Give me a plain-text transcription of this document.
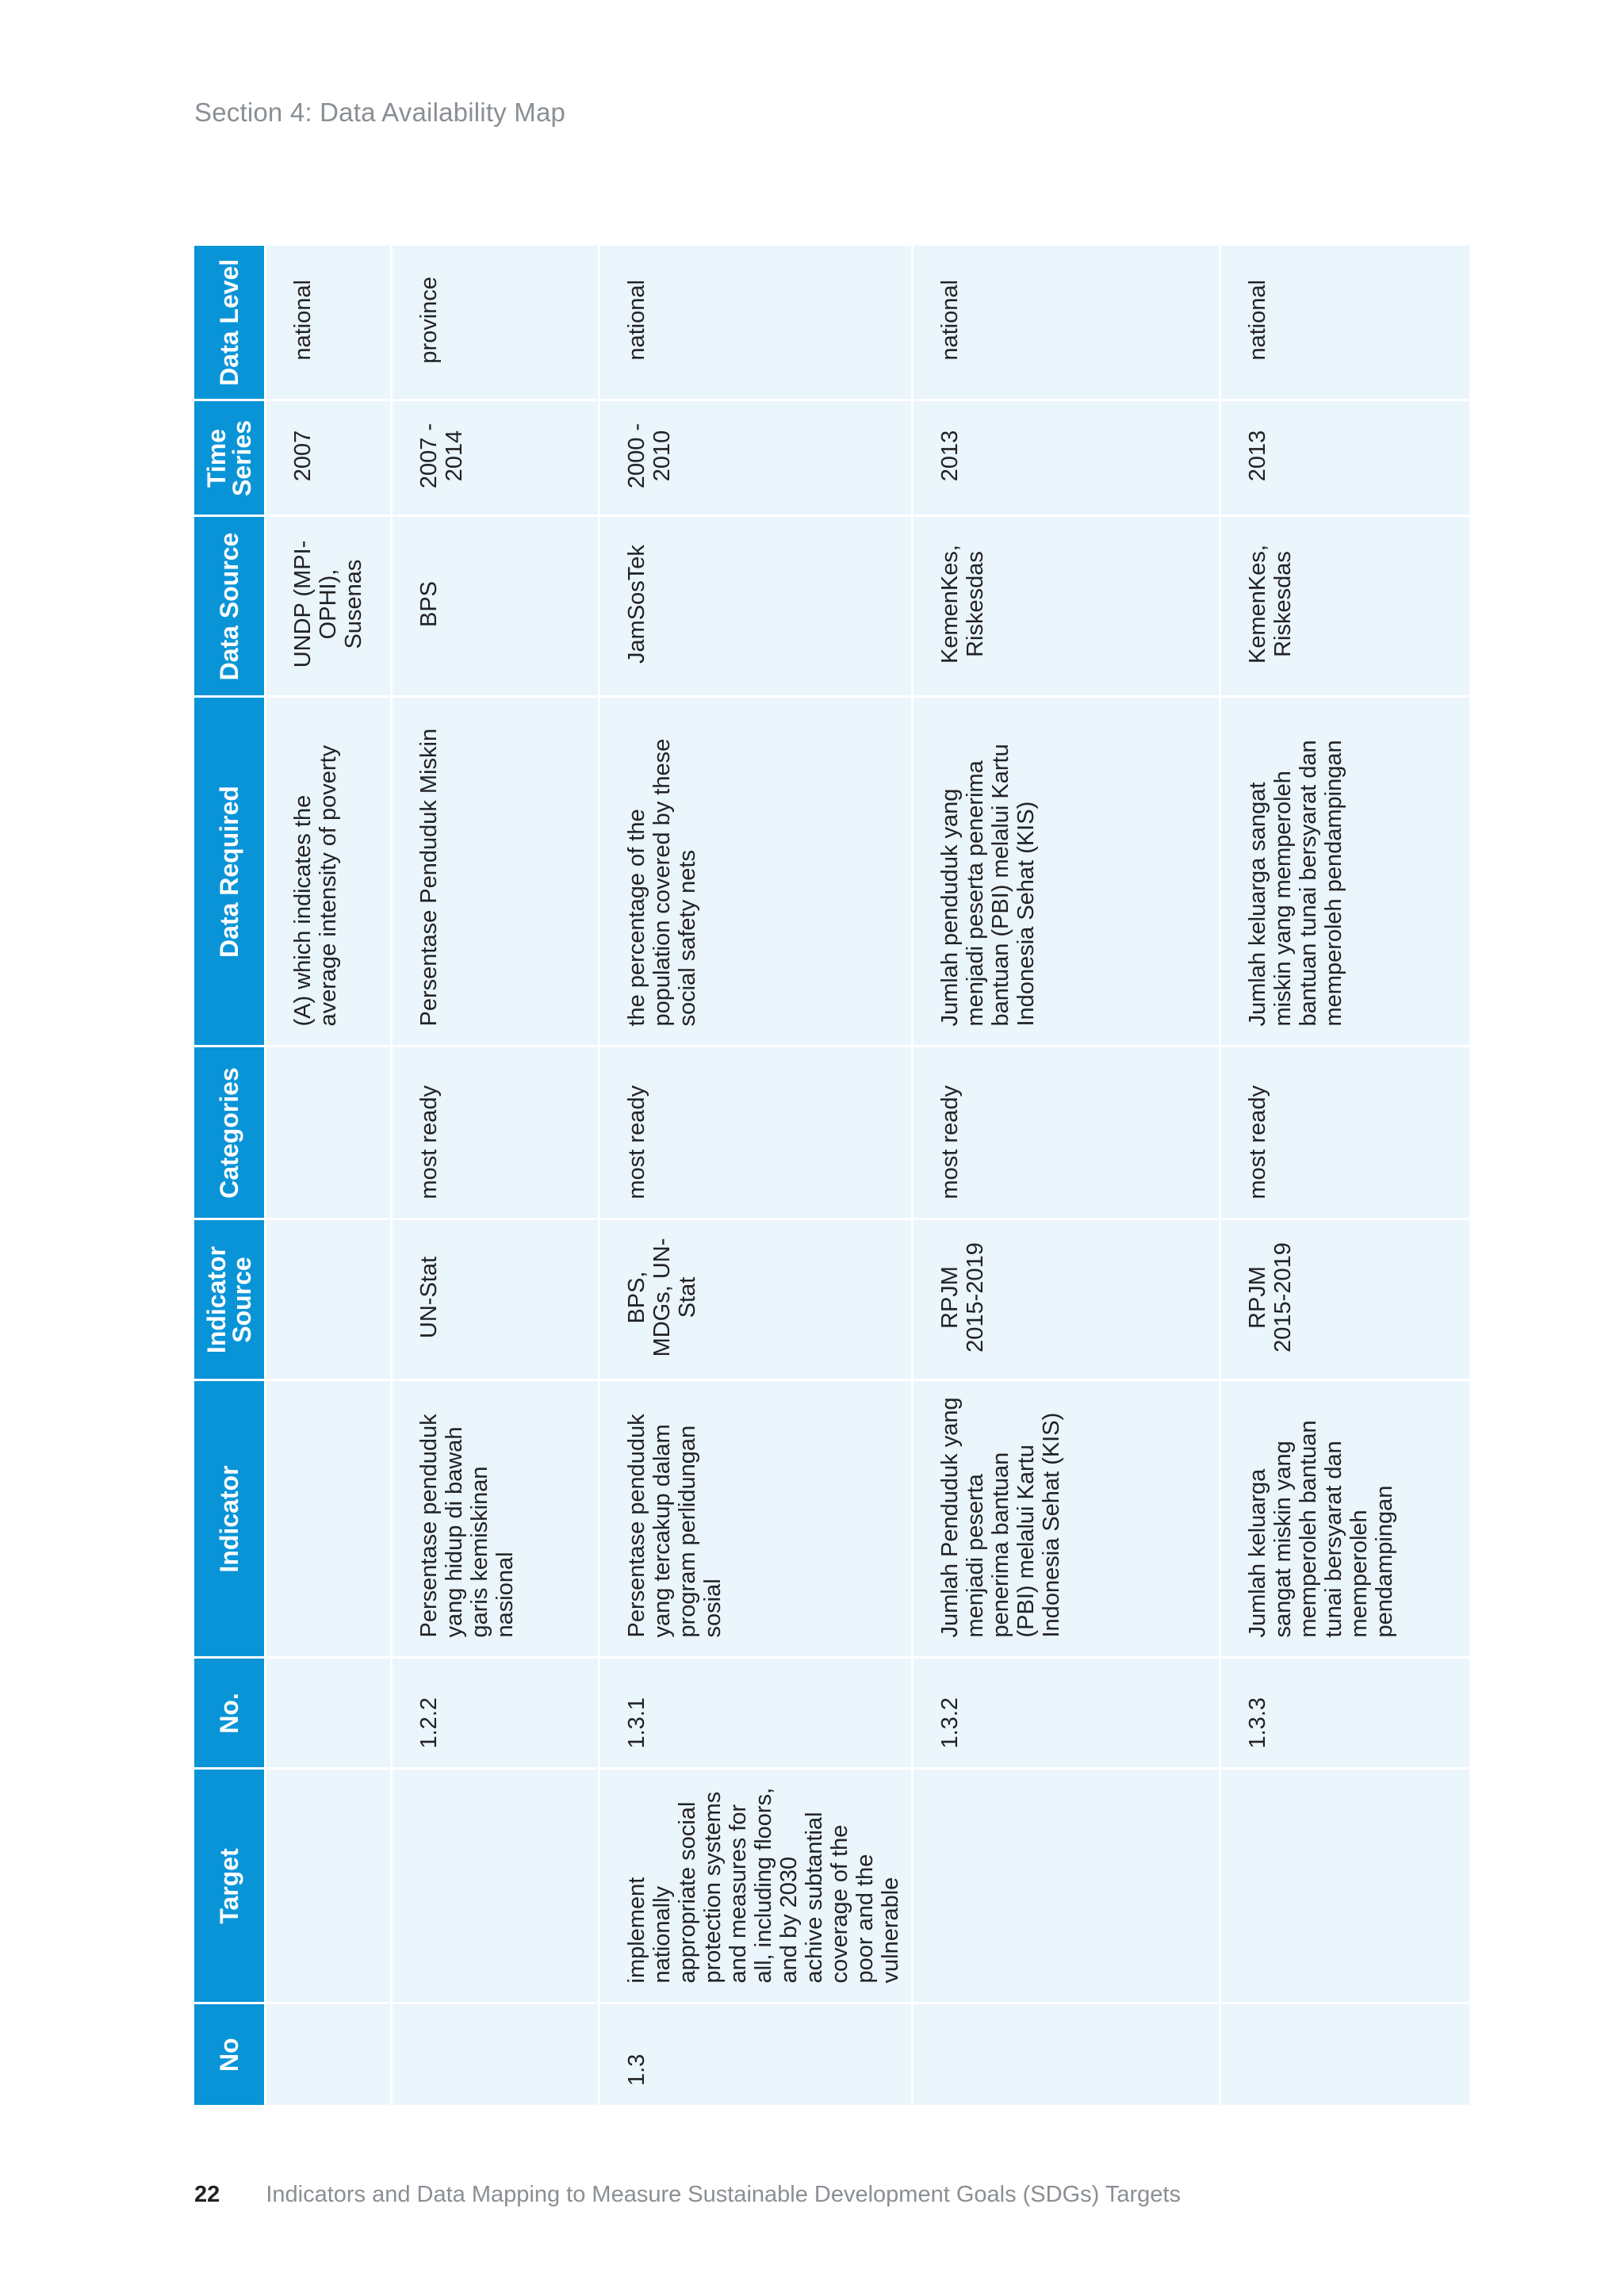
Section 4: Data Availability Map
No	Target	No.	Indicator	Indicator Source	Categories	Data Required	Data Source	Time Series	Data Level
						(A) which indicates the average intensity of poverty	UNDP (MPI-OPHI), Susenas	2007	national
		1.2.2	Persentase penduduk yang hidup di bawah garis kemiskinan nasional	UN-Stat	most ready	Persentase Penduduk Miskin	BPS	2007 - 2014	province
1.3	implement nationally appropriate social protection systems and measures for all, including floors, and by 2030 achive subtantial coverage of the poor and the vulnerable	1.3.1	Persentase penduduk yang tercakup dalam program perlidungan sosial	BPS, MDGs, UN-Stat	most ready	the percentage of the population covered by these social safety nets	JamSosTek	2000 - 2010	national
		1.3.2	Jumlah Penduduk yang menjadi peserta penerima bantuan (PBI) melalui Kartu Indonesia Sehat (KIS)	RPJM 2015-2019	most ready	Jumlah penduduk yang menjadi peserta penerima bantuan (PBI) melalui Kartu Indonesia Sehat (KIS)	KemenKes, Riskesdas	2013	national
		1.3.3	Jumlah keluarga sangat miskin yang memperoleh bantuan tunai bersyarat dan memperoleh pendampingan	RPJM 2015-2019	most ready	Jumlah keluarga sangat miskin yang memperoleh bantuan tunai bersyarat dan memperoleh pendampingan	KemenKes, Riskesdas	2013	national
22 Indicators and Data Mapping to Measure Sustainable Development Goals (SDGs) Targets
